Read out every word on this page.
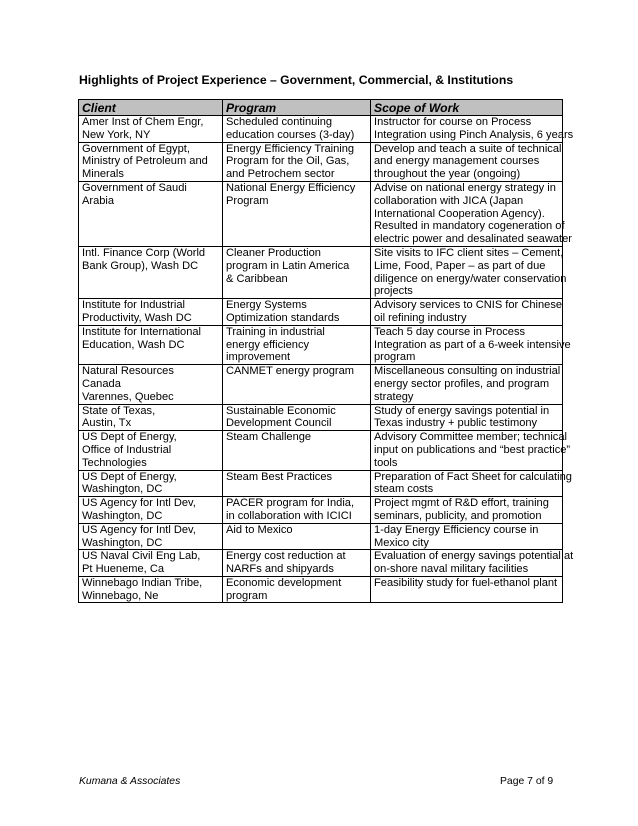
Highlights of Project Experience – Government, Commercial, & Institutions
Client	Program	Scope of Work

Amer Inst of Chem Engr,
New York, NY	Scheduled continuing
education courses (3-day)	Instructor for course on Process
Integration using Pinch Analysis, 6 years

Government of Egypt,
Ministry of Petroleum and
Minerals	Energy Efficiency Training
Program for the Oil, Gas,
and Petrochem sector	Develop and teach a suite of technical
and energy management courses
throughout the year (ongoing)

Government of Saudi
Arabia	National Energy Efficiency
Program	Advise on national energy strategy in
collaboration with JICA (Japan
International Cooperation Agency).
Resulted in mandatory cogeneration of
electric power and desalinated seawater

Intl. Finance Corp (World
Bank Group), Wash DC	Cleaner Production
program in Latin America
& Caribbean	Site visits to IFC client sites – Cement,
Lime, Food, Paper – as part of due
diligence on energy/water conservation
projects

Institute for Industrial
Productivity, Wash DC	Energy Systems
Optimization standards	Advisory services to CNIS for Chinese
oil refining industry

Institute for International
Education, Wash DC	Training in industrial
energy efficiency
improvement	Teach 5 day course in Process
Integration as part of a 6-week intensive
program

Natural Resources
Canada
Varennes, Quebec	CANMET energy program	Miscellaneous consulting on industrial
energy sector profiles, and program
strategy

State of Texas,
Austin, Tx	Sustainable Economic
Development Council	Study of energy savings potential in
Texas industry + public testimony

US Dept of Energy,
Office of Industrial
Technologies	Steam Challenge	Advisory Committee member; technical
input on publications and “best practice”
tools

US Dept of Energy,
Washington, DC	Steam Best Practices	Preparation of Fact Sheet for calculating
steam costs

US Agency for Intl Dev,
Washington, DC	PACER program for India,
in collaboration with ICICI	Project mgmt of R&D effort, training
seminars, publicity, and promotion

US Agency for Intl Dev,
Washington, DC	Aid to Mexico	1-day Energy Efficiency course in
Mexico city

US Naval Civil Eng Lab,
Pt Hueneme, Ca	Energy cost reduction at
NARFs and shipyards	Evaluation of energy savings potential at
on-shore naval military facilities

Winnebago Indian Tribe,
Winnebago, Ne	Economic development
program	Feasibility study for fuel-ethanol plant
Kumana & Associates	Page 7 of 9
